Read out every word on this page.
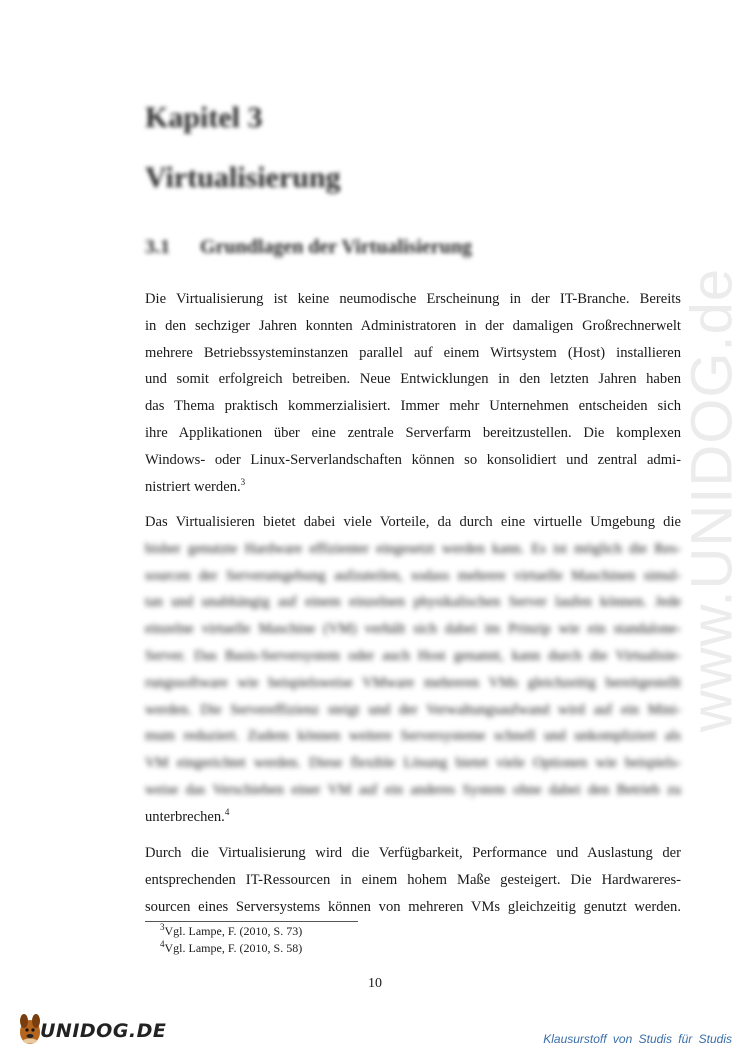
www.UNIDOG.de
Kapitel 3
Virtualisierung
3.1 Grundlagen der Virtualisierung

Die Virtualisierung ist keine neumodische Erscheinung in der IT-Branche. Bereits

in den sechziger Jahren konnten Administratoren in der damaligen Großrechnerwelt

mehrere Betriebssysteminstanzen parallel auf einem Wirtsystem (Host) installieren

und somit erfolgreich betreiben. Neue Entwicklungen in den letzten Jahren haben

das Thema praktisch kommerzialisiert. Immer mehr Unternehmen entscheiden sich

ihre Applikationen über eine zentrale Serverfarm bereitzustellen. Die komplexen

Windows- oder Linux-Serverlandschaften können so konsolidiert und zentral admi-

nistriert werden.$^3$

Das Virtualisieren bietet dabei viele Vorteile, da durch eine virtuelle Umgebung die

bisher genutzte Hardware effizienter eingesetzt werden kann. Es ist möglich die Res-

sourcen der Serverumgebung aufzuteilen, sodass mehrere virtuelle Maschinen simul-

tan und unabhängig auf einem einzelnen physikalischen Server laufen können. Jede

einzelne virtuelle Maschine (VM) verhält sich dabei im Prinzip wie ein standalone-

Server. Das Basis-Serversystem oder auch Host genannt, kann durch die Virtualisie-

rungssoftware wie beispielsweise VMware mehreren VMs gleichzeitig bereitgestellt

werden. Die Servereffizienz steigt und der Verwaltungsaufwand wird auf ein Mini-

mum reduziert. Zudem können weitere Serversysteme schnell und unkompliziert als

VM eingerichtet werden. Diese flexible Lösung bietet viele Optionen wie beispiels-

weise das Verschieben einer VM auf ein anderes System ohne dabei den Betrieb zu

unterbrechen.$^4$

Durch die Virtualisierung wird die Verfügbarkeit, Performance und Auslastung der

entsprechenden IT-Ressourcen in einem hohem Maße gesteigert. Die Hardwareres-

sourcen eines Serversystems können von mehreren VMs gleichzeitig genutzt werden.

$^3$Vgl. Lampe, F. (2010, S. 73)
$^4$Vgl. Lampe, F. (2010, S. 58)
10
UNIDOG.DE	Klausurstoff von Studis für Studis
